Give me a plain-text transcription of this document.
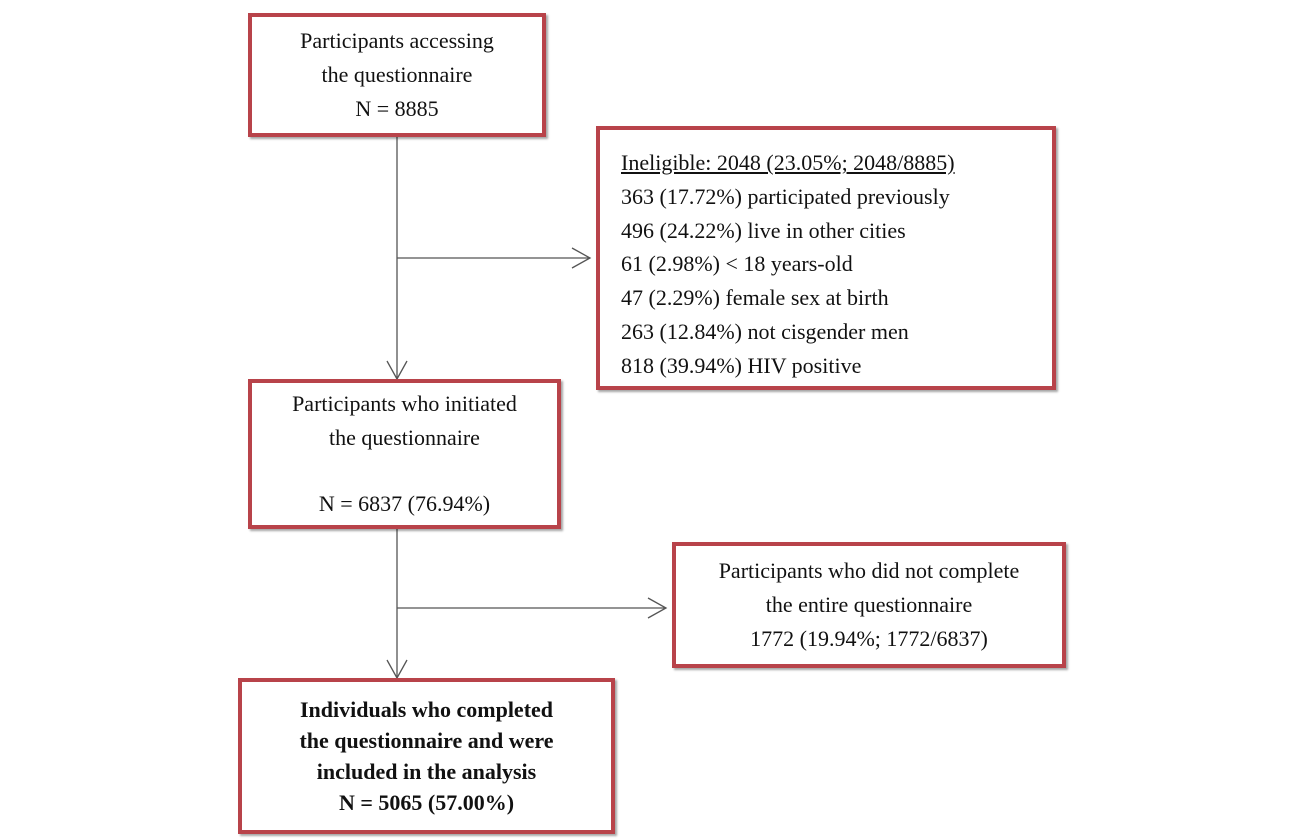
Participants accessing
the questionnaire
N = 8885
Ineligible: 2048 (23.05%; 2048/8885)
363 (17.72%) participated previously
496 (24.22%) live in other cities
61 (2.98%) < 18 years-old
47 (2.29%) female sex at birth
263 (12.84%) not cisgender men
818 (39.94%) HIV positive
Participants who initiated
the questionnaire
N = 6837 (76.94%)
Participants who did not complete
the entire questionnaire
1772 (19.94%; 1772/6837)
Individuals who completed
the questionnaire and were
included in the analysis
N = 5065 (57.00%)
